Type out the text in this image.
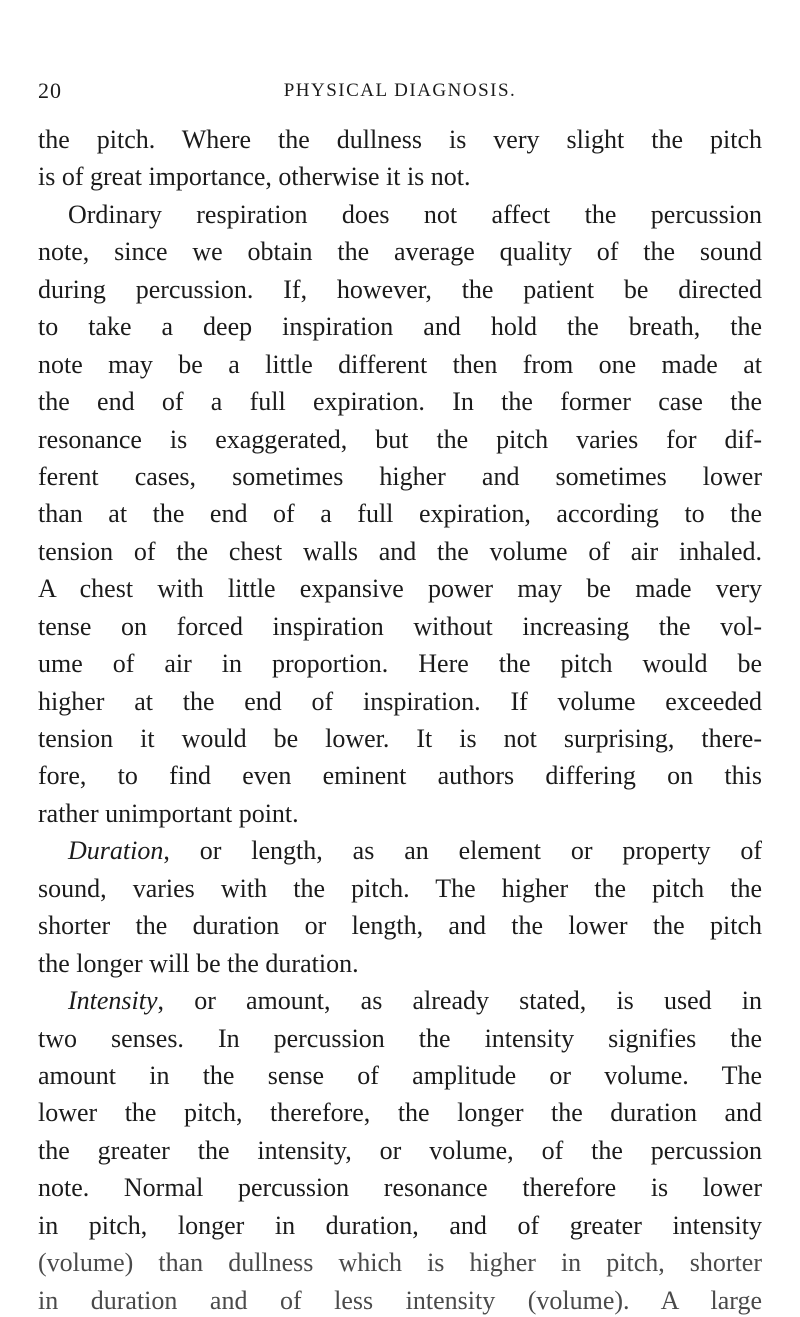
20	PHYSICAL DIAGNOSIS.
the pitch. Where the dullness is very slight the pitch
is of great importance, otherwise it is not.
Ordinary respiration does not affect the percussion
note, since we obtain the average quality of the sound
during percussion. If, however, the patient be directed
to take a deep inspiration and hold the breath, the
note may be a little different then from one made at
the end of a full expiration. In the former case the
resonance is exaggerated, but the pitch varies for dif-
ferent cases, sometimes higher and sometimes lower
than at the end of a full expiration, according to the
tension of the chest walls and the volume of air inhaled.
A chest with little expansive power may be made very
tense on forced inspiration without increasing the vol-
ume of air in proportion. Here the pitch would be
higher at the end of inspiration. If volume exceeded
tension it would be lower. It is not surprising, there-
fore, to find even eminent authors differing on this
rather unimportant point.
Duration, or length, as an element or property of
sound, varies with the pitch. The higher the pitch the
shorter the duration or length, and the lower the pitch
the longer will be the duration.
Intensity, or amount, as already stated, is used in
two senses. In percussion the intensity signifies the
amount in the sense of amplitude or volume. The
lower the pitch, therefore, the longer the duration and
the greater the intensity, or volume, of the percussion
note. Normal percussion resonance therefore is lower
in pitch, longer in duration, and of greater intensity
(volume) than dullness which is higher in pitch, shorter
in duration and of less intensity (volume). A large
